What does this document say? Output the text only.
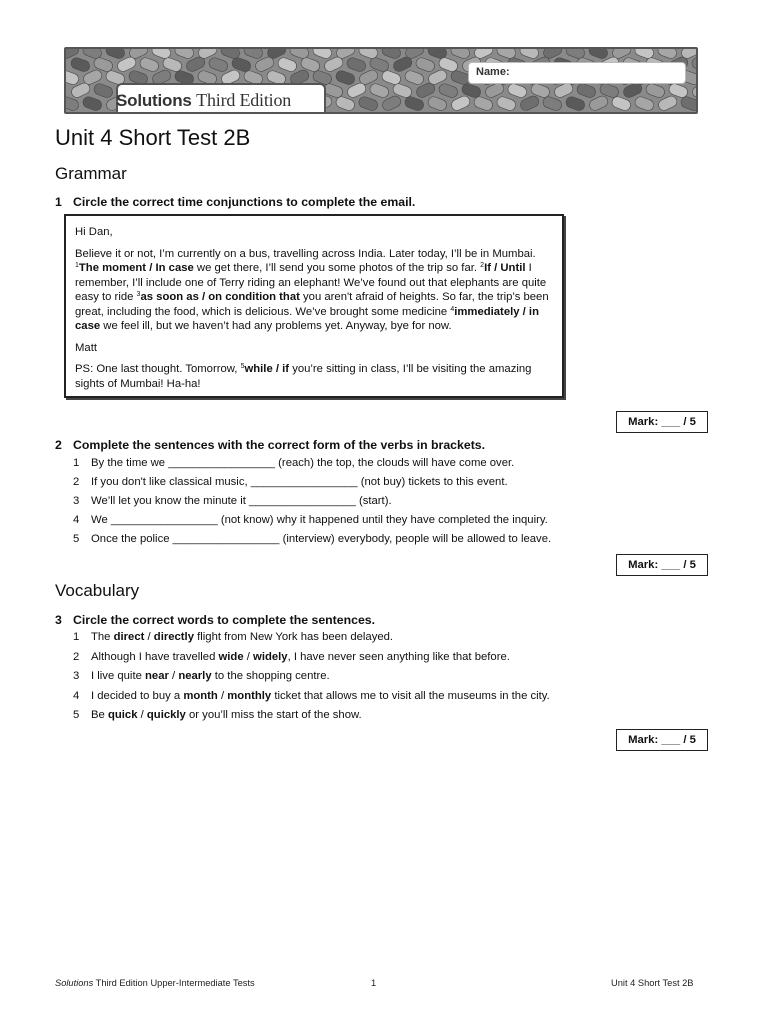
Solutions Third Edition
Name:
Unit 4 Short Test 2B
Grammar
1 Circle the correct time conjunctions to complete the email.

Hi Dan,

Believe it or not, I’m currently on a bus, travelling across India. Later today, I’ll be in Mumbai. $^1$The moment / In case we get there, I’ll send you some photos of the trip so far. $^2$If / Until I remember, I’ll include one of Terry riding an elephant! We’ve found out that elephants are quite easy to ride $^3$as soon as / on condition that you aren't afraid of heights. So far, the trip’s been great, including the food, which is delicious. We’ve brought some medicine $^4$immediately / in case we feel ill, but we haven’t had any problems yet. Anyway, bye for now.

Matt

PS: One last thought. Tomorrow, $^5$while / if you’re sitting in class, I’ll be visiting the amazing sights of Mumbai! Ha-ha!

Mark: ___ / 5
2 Complete the sentences with the correct form of the verbs in brackets.
1 By the time we _________________ (reach) the top, the clouds will have come over.
2 If you don't like classical music, _________________ (not buy) tickets to this event.
3 We’ll let you know the minute it _________________ (start).
4 We _________________ (not know) why it happened until they have completed the inquiry.
5 Once the police _________________ (interview) everybody, people will be allowed to leave.
Mark: ___ / 5
Vocabulary
3 Circle the correct words to complete the sentences.
1 The direct / directly flight from New York has been delayed.
2 Although I have travelled wide / widely, I have never seen anything like that before.
3 I live quite near / nearly to the shopping centre.
4 I decided to buy a month / monthly ticket that allows me to visit all the museums in the city.
5 Be quick / quickly or you’ll miss the start of the show.
Mark: ___ / 5
Solutions Third Edition Upper-Intermediate Tests	1	Unit 4 Short Test 2B
